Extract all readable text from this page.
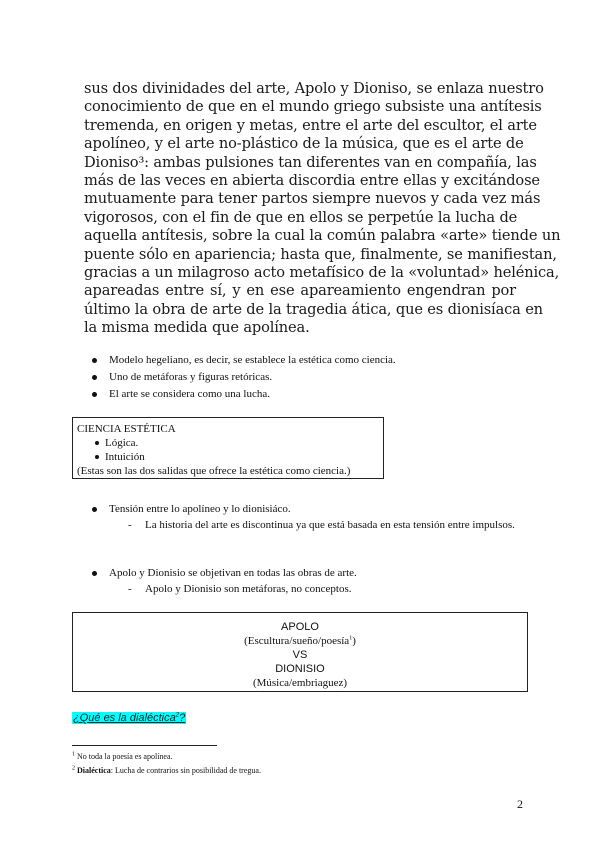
sus dos divinidades del arte, Apolo y Dioniso, se enlaza nuestro
conocimiento de que en el mundo griego subsiste una antítesis
tremenda, en origen y metas, entre el arte del escultor, el arte
apolíneo, y el arte no-plástico de la música, que es el arte de
Dioniso³: ambas pulsiones tan diferentes van en compañía, las
más de las veces en abierta discordia entre ellas y excitándose
mutuamente para tener partos siempre nuevos y cada vez más
vigorosos, con el fin de que en ellos se perpetúe la lucha de
aquella antítesis, sobre la cual la común palabra «arte» tiende un
puente sólo en apariencia; hasta que, finalmente, se manifiestan,
gracias a un milagroso acto metafísico de la «voluntad» helénica,
apareadas entre sí, y en ese apareamiento engendran por
último la obra de arte de la tragedia ática, que es dionisíaca en
la misma medida que apolínea.
Modelo hegeliano, es decir, se establece la estética como ciencia.
Uno de metáforas y figuras retóricas.
El arte se considera como una lucha.
CIENCIA ESTÉTICA
Lógica.
Intuición
(Estas son las dos salidas que ofrece la estética como ciencia.)
Tensión entre lo apolíneo y lo dionisiáco.
- La historia del arte es discontinua ya que está basada en esta tensión entre impulsos.
Apolo y Dionisio se objetivan en todas las obras de arte.
- Apolo y Dionisio son metáforas, no conceptos.
APOLO
(Escultura/sueño/poesía$^1$)
VS
DIONISIO
(Música/embriaguez)
¿Qué es la dialéctica$^2$?
$^1$ No toda la poesía es apolínea.
$^2$ Dialéctica: Lucha de contrarios sin posibilidad de tregua.
2
